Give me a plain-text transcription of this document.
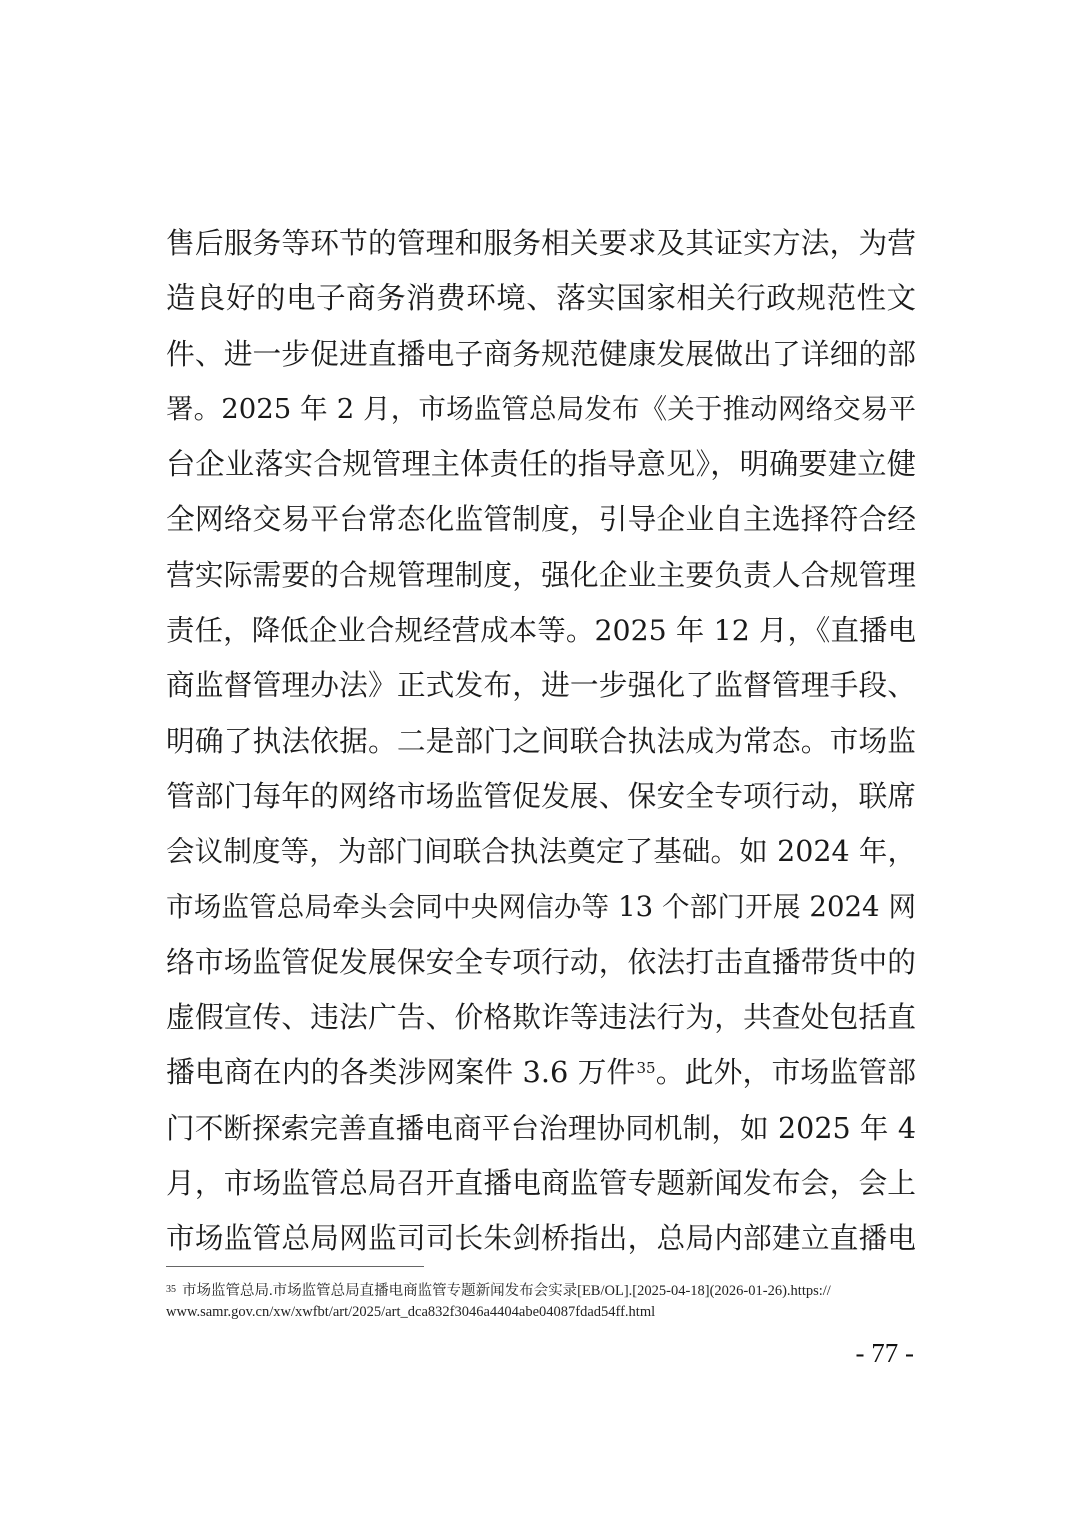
售后服务等环节的管理和服务相关要求及其证实方法，为营
造良好的电子商务消费环境、落实国家相关行政规范性文
件、进一步促进直播电子商务规范健康发展做出了详细的部
署。2025 年 2 月，市场监管总局发布《关于推动网络交易平
台企业落实合规管理主体责任的指导意见》，明确要建立健
全网络交易平台常态化监管制度，引导企业自主选择符合经
营实际需要的合规管理制度，强化企业主要负责人合规管理
责任，降低企业合规经营成本等。2025 年 12 月，《直播电
商监督管理办法》正式发布，进一步强化了监督管理手段、
明确了执法依据。二是部门之间联合执法成为常态。市场监
管部门每年的网络市场监管促发展、保安全专项行动，联席
会议制度等，为部门间联合执法奠定了基础。如 2024 年，
市场监管总局牵头会同中央网信办等 13 个部门开展 2024 网
络市场监管促发展保安全专项行动，依法打击直播带货中的
虚假宣传、违法广告、价格欺诈等违法行为，共查处包括直
播电商在内的各类涉网案件 3.6 万件$^{35}$。此外，市场监管部
门不断探索完善直播电商平台治理协同机制，如 2025 年 4
月，市场监管总局召开直播电商监管专题新闻发布会，会上
市场监管总局网监司司长朱剑桥指出，总局内部建立直播电
$^{35}$ 市场监管总局.市场监管总局直播电商监管专题新闻发布会实录[EB/OL].[2025-04-18](2026-01-26).https://
www.samr.gov.cn/xw/xwfbt/art/2025/art_dca832f3046a4404abe04087fdad54ff.html
- 77 -
